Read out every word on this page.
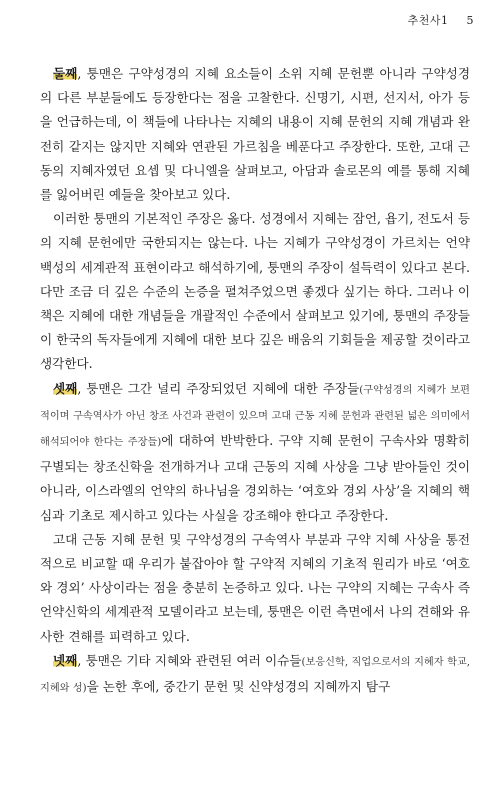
추천사1 5

둘째, 퉁맨은 구약성경의 지혜 요소들이 소위 지혜 문헌뿐 아니라 구약성경의 다른 부분들에도 등장한다는 점을 고찰한다. 신명기, 시편, 선지서, 아가 등을 언급하는데, 이 책들에 나타나는 지혜의 내용이 지혜 문헌의 지혜 개념과 완전히 같지는 않지만 지혜와 연관된 가르침을 베푼다고 주장한다. 또한, 고대 근동의 지혜자였던 요셉 및 다니엘을 살펴보고, 아담과 솔로몬의 예를 통해 지혜를 잃어버린 예들을 찾아보고 있다.

이러한 퉁맨의 기본적인 주장은 옳다. 성경에서 지혜는 잠언, 욥기, 전도서 등의 지혜 문헌에만 국한되지는 않는다. 나는 지혜가 구약성경이 가르치는 언약 백성의 세계관적 표현이라고 해석하기에, 퉁맨의 주장이 설득력이 있다고 본다. 다만 조금 더 깊은 수준의 논증을 펼쳐주었으면 좋겠다 싶기는 하다. 그러나 이 책은 지혜에 대한 개념들을 개괄적인 수준에서 살펴보고 있기에, 퉁맨의 주장들이 한국의 독자들에게 지혜에 대한 보다 깊은 배움의 기회들을 제공할 것이라고 생각한다.

셋째, 퉁맨은 그간 널리 주장되었던 지혜에 대한 주장들(구약성경의 지혜가 보편적이며 구속역사가 아닌 창조 사건과 관련이 있으며 고대 근동 지혜 문헌과 관련된 넓은 의미에서 해석되어야 한다는 주장들)에 대하여 반박한다. 구약 지혜 문헌이 구속사와 명확히 구별되는 창조신학을 전개하거나 고대 근동의 지혜 사상을 그냥 받아들인 것이 아니라, 이스라엘의 언약의 하나님을 경외하는 ‘여호와 경외 사상’을 지혜의 핵심과 기초로 제시하고 있다는 사실을 강조해야 한다고 주장한다.

고대 근동 지혜 문헌 및 구약성경의 구속역사 부분과 구약 지혜 사상을 통전적으로 비교할 때 우리가 붙잡아야 할 구약적 지혜의 기초적 원리가 바로 ‘여호와 경외’ 사상이라는 점을 충분히 논증하고 있다. 나는 구약의 지혜는 구속사 즉 언약신학의 세계관적 모델이라고 보는데, 퉁맨은 이런 측면에서 나의 견해와 유사한 견해를 피력하고 있다.

넷째, 퉁맨은 기타 지혜와 관련된 여러 이슈들(보응신학, 직업으로서의 지혜자 학교, 지혜와 성)을 논한 후에, 중간기 문헌 및 신약성경의 지혜까지 탐구
